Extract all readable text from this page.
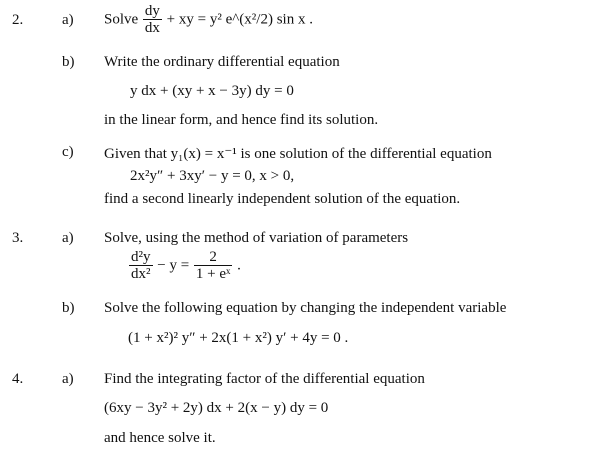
2.	a) Solve $\frac{dy}{dx}$ + xy = y² e^(x²/2) sin x .
b) Write the ordinary differential equation
y dx + (xy + x − 3y) dy = 0
in the linear form, and hence find its solution.
c) Given that y₁(x) = x⁻¹ is one solution of the differential equation
2x²y″ + 3xy′ − y = 0, x > 0,
find a second linearly independent solution of the equation.
3.	a) Solve, using the method of variation of parameters
$\frac{\text{d²y}}{\text{dx²}} - y = \frac{2}{\text{1 + eˣ}}$ .
b) Solve the following equation by changing the independent variable
(1 + x²)² y″ + 2x(1 + x²) y′ + 4y = 0 .
4.	a) Find the integrating factor of the differential equation
(6xy − 3y² + 2y) dx + 2(x − y) dy = 0
and hence solve it.
